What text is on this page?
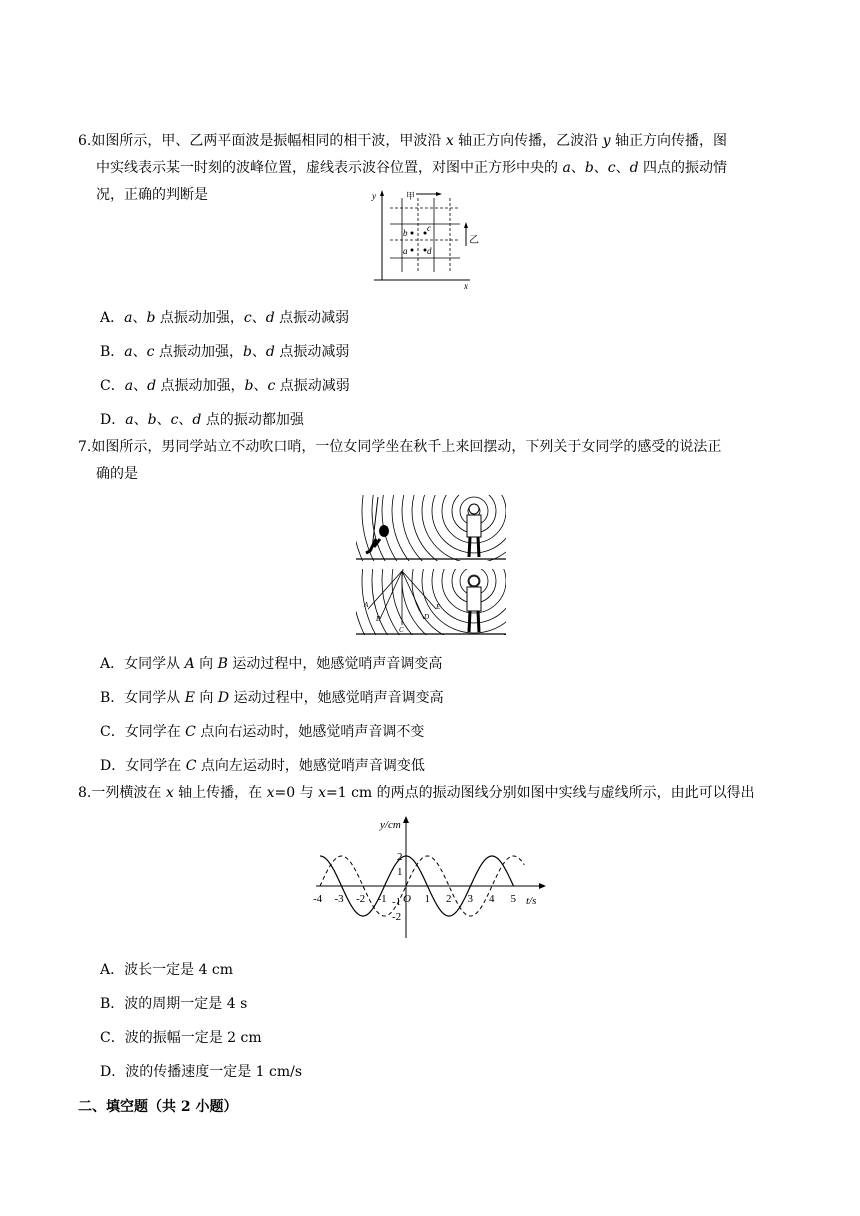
6.如图所示，甲、乙两平面波是振幅相同的相干波，甲波沿 x 轴正方向传播，乙波沿 y 轴正方向传播，图
中实线表示某一时刻的波峰位置，虚线表示波谷位置，对图中正方形中央的 a、b、c、d 四点的振动情
况，正确的判断是	y
x
甲
乙
b c
a d
A．a、b 点振动加强，c、d 点振动减弱
B．a、c 点振动加强，b、d 点振动减弱
C．a、d 点振动加强，b、c 点振动减弱
D．a、b、c、d 点的振动都加强
7.如图所示，男同学站立不动吹口哨，一位女同学坐在秋千上来回摆动，下列关于女同学的感受的说法正
确的是
A
B
C
D
E
A．女同学从 A 向 B 运动过程中，她感觉哨声音调变高
B．女同学从 E 向 D 运动过程中，她感觉哨声音调变高
C．女同学在 C 点向右运动时，她感觉哨声音调不变
D．女同学在 C 点向左运动时，她感觉哨声音调变低
8.一列横波在 x 轴上传播，在 x=0 与 x=1 cm 的两点的振动图线分别如图中实线与虚线所示，由此可以得出
y/cm
t/s
-4 -3 -2 -1 O 1 2 3 4 5
2
1
-1
-2
A．波长一定是 4 cm
B．波的周期一定是 4 s
C．波的振幅一定是 2 cm
D．波的传播速度一定是 1 cm/s
二、填空题（共 2 小题）
